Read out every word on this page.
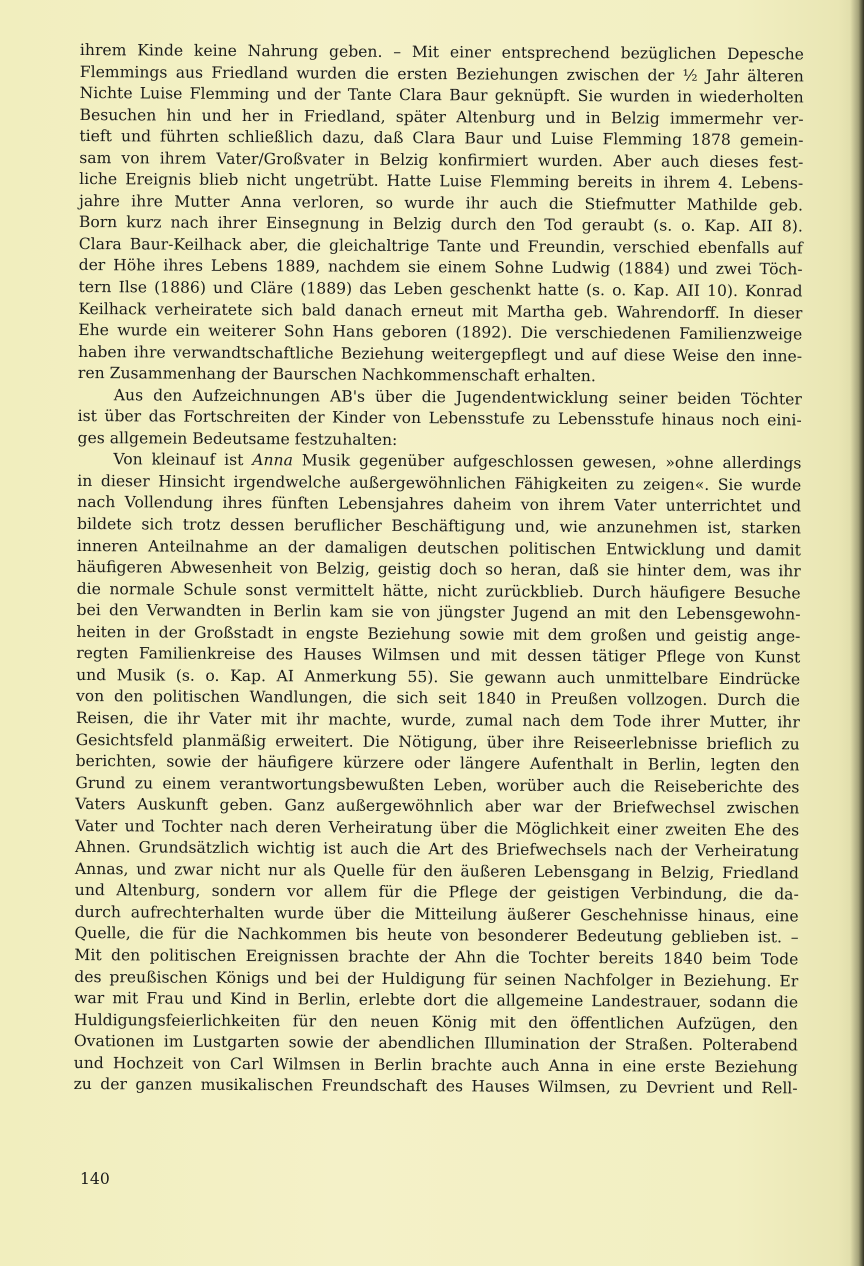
ihrem Kinde keine Nahrung geben. – Mit einer entsprechend bezüglichen Depesche
Flemmings aus Friedland wurden die ersten Beziehungen zwischen der ½ Jahr älteren
Nichte Luise Flemming und der Tante Clara Baur geknüpft. Sie wurden in wiederholten
Besuchen hin und her in Friedland, später Altenburg und in Belzig immermehr ver-
tieft und führten schließlich dazu, daß Clara Baur und Luise Flemming 1878 gemein-
sam von ihrem Vater/Großvater in Belzig konfirmiert wurden. Aber auch dieses fest-
liche Ereignis blieb nicht ungetrübt. Hatte Luise Flemming bereits in ihrem 4. Lebens-
jahre ihre Mutter Anna verloren, so wurde ihr auch die Stiefmutter Mathilde geb.
Born kurz nach ihrer Einsegnung in Belzig durch den Tod geraubt (s. o. Kap. AII 8).
Clara Baur-Keilhack aber, die gleichaltrige Tante und Freundin, verschied ebenfalls auf
der Höhe ihres Lebens 1889, nachdem sie einem Sohne Ludwig (1884) und zwei Töch-
tern Ilse (1886) und Cläre (1889) das Leben geschenkt hatte (s. o. Kap. AII 10). Konrad
Keilhack verheiratete sich bald danach erneut mit Martha geb. Wahrendorff. In dieser
Ehe wurde ein weiterer Sohn Hans geboren (1892). Die verschiedenen Familienzweige
haben ihre verwandtschaftliche Beziehung weitergepflegt und auf diese Weise den inne-
ren Zusammenhang der Baurschen Nachkommenschaft erhalten.
Aus den Aufzeichnungen AB's über die Jugendentwicklung seiner beiden Töchter
ist über das Fortschreiten der Kinder von Lebensstufe zu Lebensstufe hinaus noch eini-
ges allgemein Bedeutsame festzuhalten:
Von kleinauf ist Anna Musik gegenüber aufgeschlossen gewesen, »ohne allerdings
in dieser Hinsicht irgendwelche außergewöhnlichen Fähigkeiten zu zeigen«. Sie wurde
nach Vollendung ihres fünften Lebensjahres daheim von ihrem Vater unterrichtet und
bildete sich trotz dessen beruflicher Beschäftigung und, wie anzunehmen ist, starken
inneren Anteilnahme an der damaligen deutschen politischen Entwicklung und damit
häufigeren Abwesenheit von Belzig, geistig doch so heran, daß sie hinter dem, was ihr
die normale Schule sonst vermittelt hätte, nicht zurückblieb. Durch häufigere Besuche
bei den Verwandten in Berlin kam sie von jüngster Jugend an mit den Lebensgewohn-
heiten in der Großstadt in engste Beziehung sowie mit dem großen und geistig ange-
regten Familienkreise des Hauses Wilmsen und mit dessen tätiger Pflege von Kunst
und Musik (s. o. Kap. AI Anmerkung 55). Sie gewann auch unmittelbare Eindrücke
von den politischen Wandlungen, die sich seit 1840 in Preußen vollzogen. Durch die
Reisen, die ihr Vater mit ihr machte, wurde, zumal nach dem Tode ihrer Mutter, ihr
Gesichtsfeld planmäßig erweitert. Die Nötigung, über ihre Reiseerlebnisse brieflich zu
berichten, sowie der häufigere kürzere oder längere Aufenthalt in Berlin, legten den
Grund zu einem verantwortungsbewußten Leben, worüber auch die Reiseberichte des
Vaters Auskunft geben. Ganz außergewöhnlich aber war der Briefwechsel zwischen
Vater und Tochter nach deren Verheiratung über die Möglichkeit einer zweiten Ehe des
Ahnen. Grundsätzlich wichtig ist auch die Art des Briefwechsels nach der Verheiratung
Annas, und zwar nicht nur als Quelle für den äußeren Lebensgang in Belzig, Friedland
und Altenburg, sondern vor allem für die Pflege der geistigen Verbindung, die da-
durch aufrechterhalten wurde über die Mitteilung äußerer Geschehnisse hinaus, eine
Quelle, die für die Nachkommen bis heute von besonderer Bedeutung geblieben ist. –
Mit den politischen Ereignissen brachte der Ahn die Tochter bereits 1840 beim Tode
des preußischen Königs und bei der Huldigung für seinen Nachfolger in Beziehung. Er
war mit Frau und Kind in Berlin, erlebte dort die allgemeine Landestrauer, sodann die
Huldigungsfeierlichkeiten für den neuen König mit den öffentlichen Aufzügen, den
Ovationen im Lustgarten sowie der abendlichen Illumination der Straßen. Polterabend
und Hochzeit von Carl Wilmsen in Berlin brachte auch Anna in eine erste Beziehung
zu der ganzen musikalischen Freundschaft des Hauses Wilmsen, zu Devrient und Rell-
140
